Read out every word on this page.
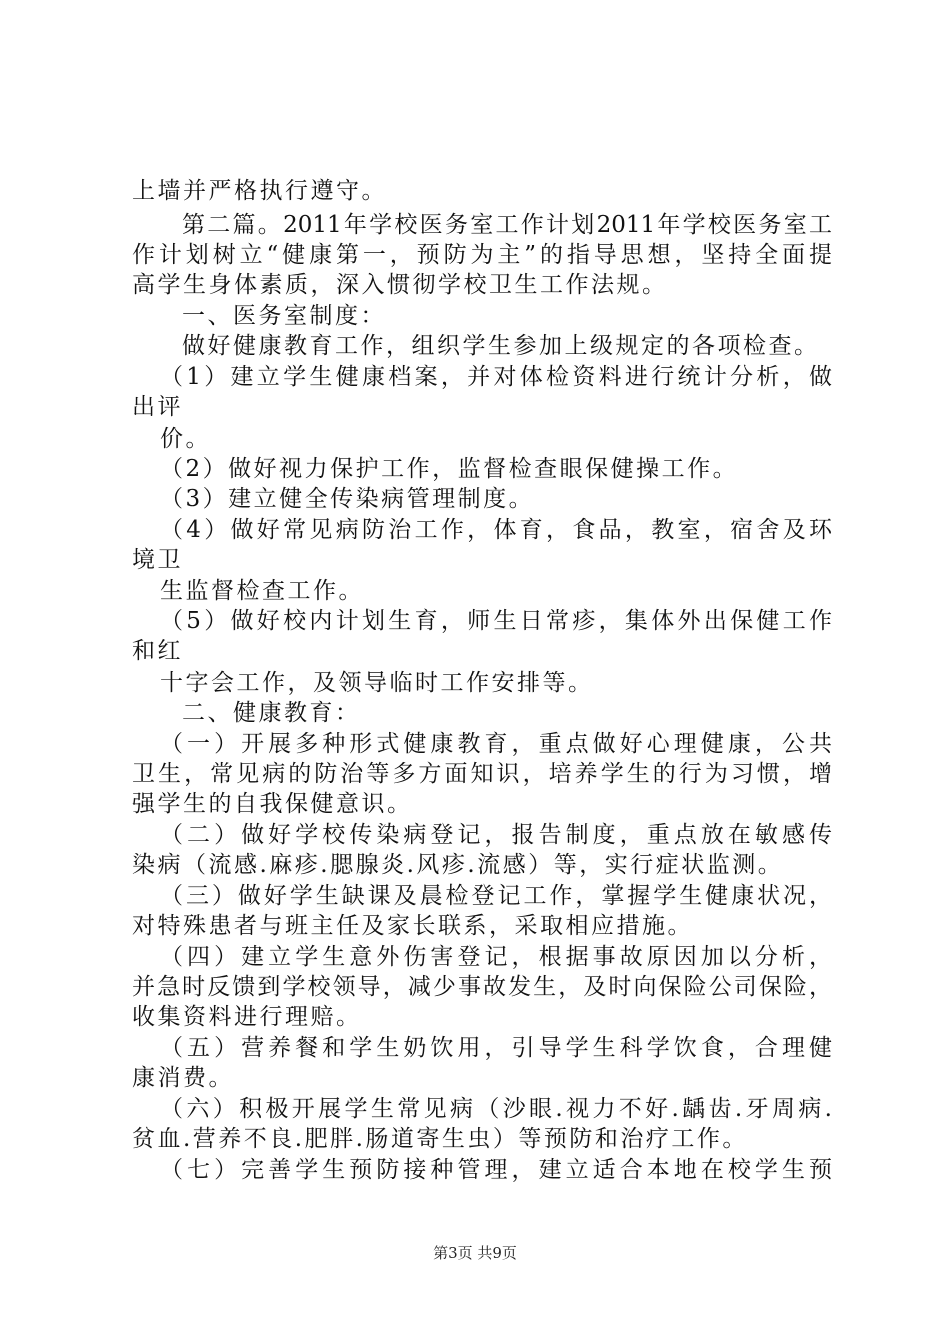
上墙并严格执行遵守。
第二篇。2011年学校医务室工作计划2011年学校医务室工
作计划树立“健康第一，预防为主”的指导思想，坚持全面提
高学生身体素质，深入惯彻学校卫生工作法规。
一、医务室制度：
做好健康教育工作，组织学生参加上级规定的各项检查。
（1）建立学生健康档案，并对体检资料进行统计分析，做
出评
价。
（2）做好视力保护工作，监督检查眼保健操工作。
（3）建立健全传染病管理制度。
（4）做好常见病防治工作，体育，食品，教室，宿舍及环
境卫
生监督检查工作。
（5）做好校内计划生育，师生日常疹，集体外出保健工作
和红
十字会工作，及领导临时工作安排等。
二、健康教育：
（一）开展多种形式健康教育，重点做好心理健康，公共
卫生，常见病的防治等多方面知识，培养学生的行为习惯，增
强学生的自我保健意识。
（二）做好学校传染病登记，报告制度，重点放在敏感传
染病（流感.麻疹.腮腺炎.风疹.流感）等，实行症状监测。
（三）做好学生缺课及晨检登记工作，掌握学生健康状况，
对特殊患者与班主任及家长联系，采取相应措施。
（四）建立学生意外伤害登记，根据事故原因加以分析，
并急时反馈到学校领导，减少事故发生，及时向保险公司保险，
收集资料进行理赔。
（五）营养餐和学生奶饮用，引导学生科学饮食，合理健
康消费。
（六）积极开展学生常见病（沙眼.视力不好.龋齿.牙周病.
贫血.营养不良.肥胖.肠道寄生虫）等预防和治疗工作。
（七）完善学生预防接种管理，建立适合本地在校学生预
第3页 共9页
